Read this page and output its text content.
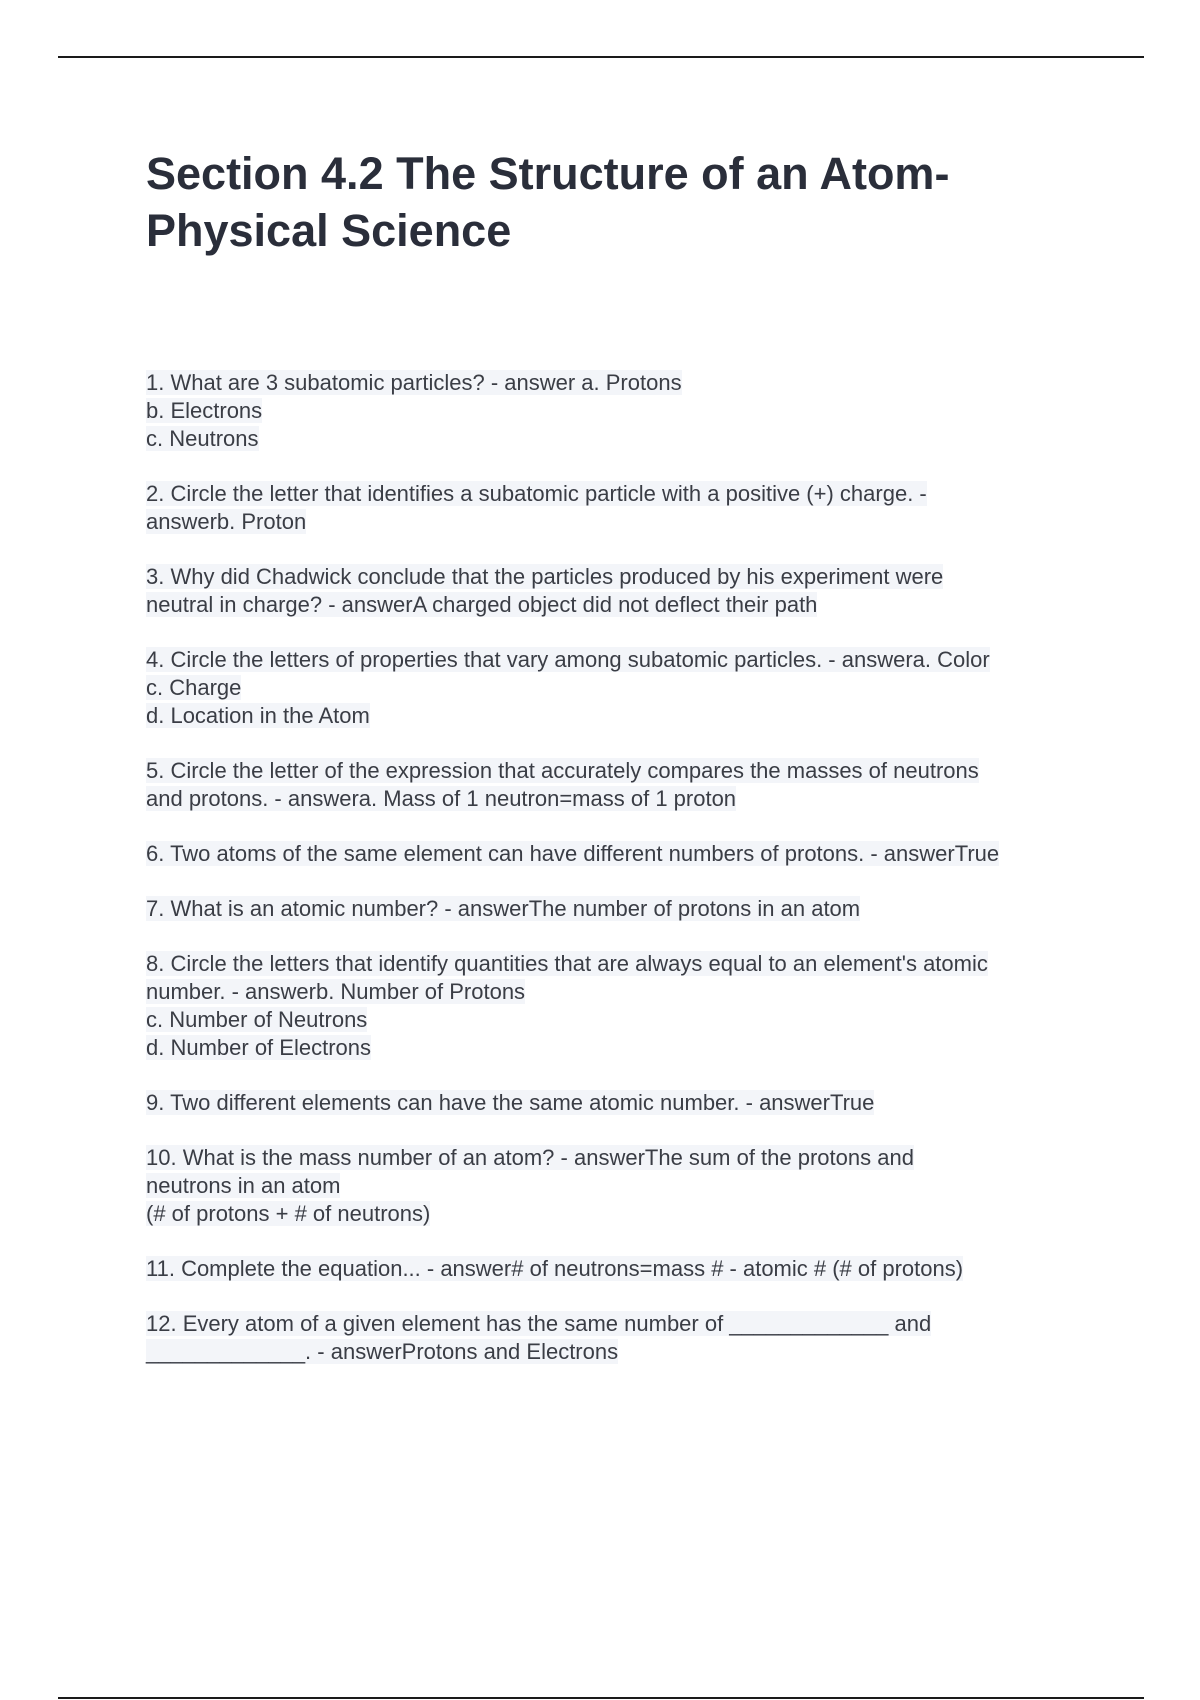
Section 4.2 The Structure of an Atom-
Physical Science
1. What are 3 subatomic particles? - answer a. Protons
b. Electrons
c. Neutrons
2. Circle the letter that identifies a subatomic particle with a positive (+) charge. -
answerb. Proton
3. Why did Chadwick conclude that the particles produced by his experiment were
neutral in charge? - answerA charged object did not deflect their path
4. Circle the letters of properties that vary among subatomic particles. - answera. Color
c. Charge
d. Location in the Atom
5. Circle the letter of the expression that accurately compares the masses of neutrons
and protons. - answera. Mass of 1 neutron=mass of 1 proton
6. Two atoms of the same element can have different numbers of protons. - answerTrue
7. What is an atomic number? - answerThe number of protons in an atom
8. Circle the letters that identify quantities that are always equal to an element's atomic
number. - answerb. Number of Protons
c. Number of Neutrons
d. Number of Electrons
9. Two different elements can have the same atomic number. - answerTrue
10. What is the mass number of an atom? - answerThe sum of the protons and
neutrons in an atom
(# of protons + # of neutrons)
11. Complete the equation... - answer# of neutrons=mass # - atomic # (# of protons)
12. Every atom of a given element has the same number of _____________ and
_____________. - answerProtons and Electrons
